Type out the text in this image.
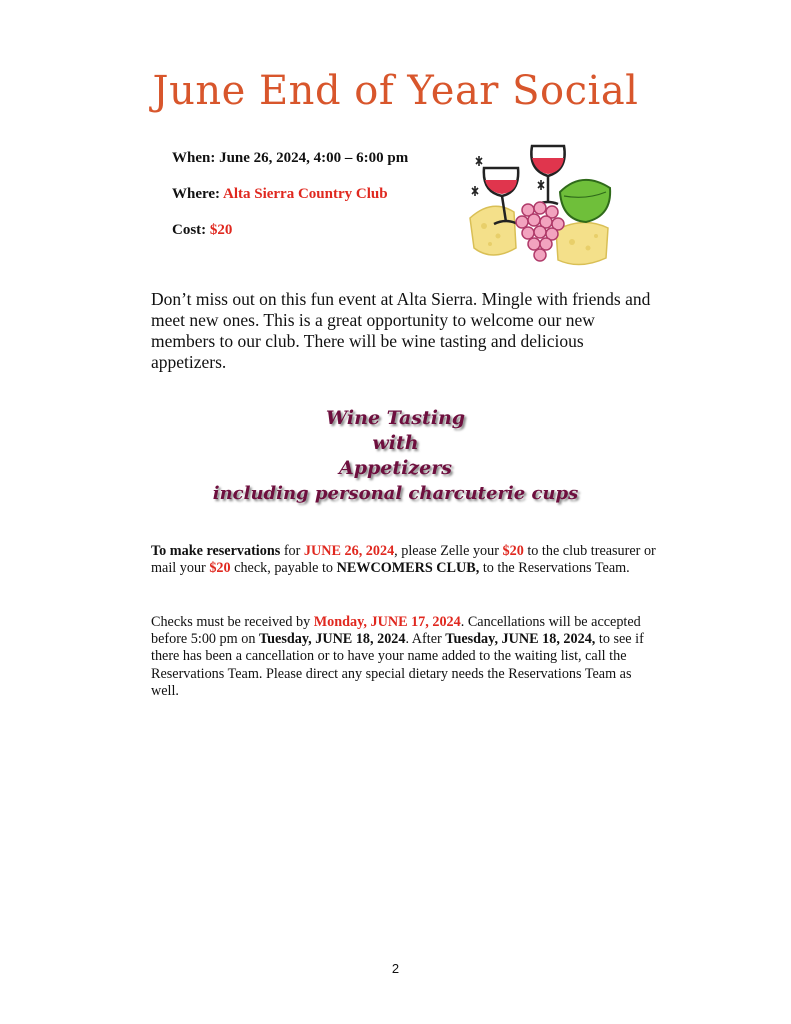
June End of Year Social

When: June 26, 2024, 4:00 – 6:00 pm

Where: Alta Sierra Country Club

Cost: $20

Don’t miss out on this fun event at Alta Sierra. Mingle with friends and meet new ones. This is a great opportunity to welcome our new members to our club. There will be wine tasting and delicious appetizers.

Wine Tasting
with
Appetizers
including personal charcuterie cups

To make reservations for JUNE 26, 2024, please Zelle your $20 to the club treasurer or mail your $20 check, payable to NEWCOMERS CLUB, to the Reservations Team.

Checks must be received by Monday, JUNE 17, 2024. Cancellations will be accepted before 5:00 pm on Tuesday, JUNE 18, 2024. After Tuesday, JUNE 18, 2024, to see if there has been a cancellation or to have your name added to the waiting list, call the Reservations Team. Please direct any special dietary needs the Reservations Team as well.

2
